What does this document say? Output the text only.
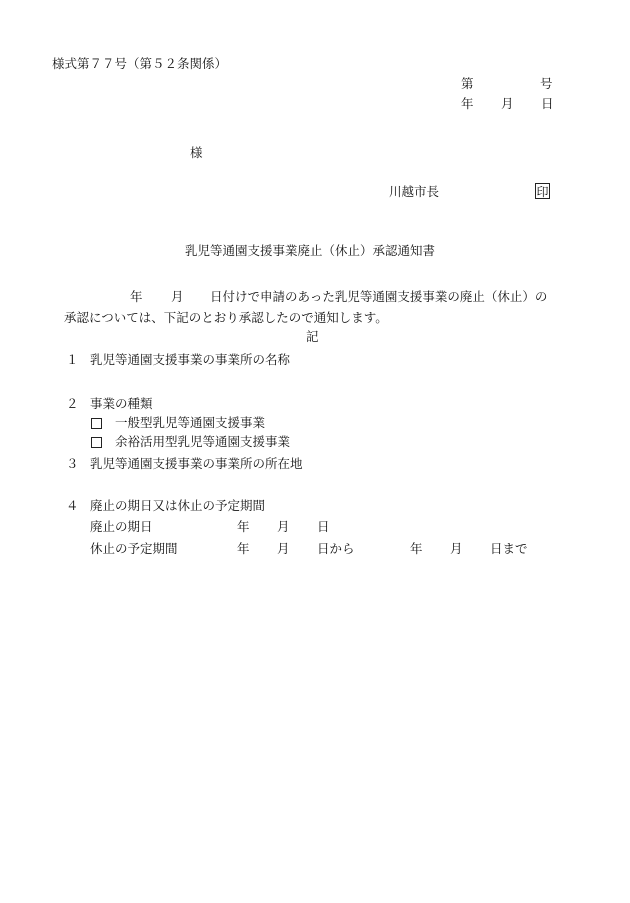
様式第７７号（第５２条関係）
第	号
年 月 日
様
川越市長	印
乳児等通園支援事業廃止（休止）承認通知書
年 月 日付けで申請のあった乳児等通園支援事業の廃止（休止）の
承認については、下記のとおり承認したので通知します。
記
１ 乳児等通園支援事業の事業所の名称
２ 事業の種類
一般型乳児等通園支援事業
余裕活用型乳児等通園支援事業
３ 乳児等通園支援事業の事業所の所在地
４ 廃止の期日又は休止の予定期間
廃止の期日	年 月 日
休止の予定期間	年 月 日から	年 月 日まで
